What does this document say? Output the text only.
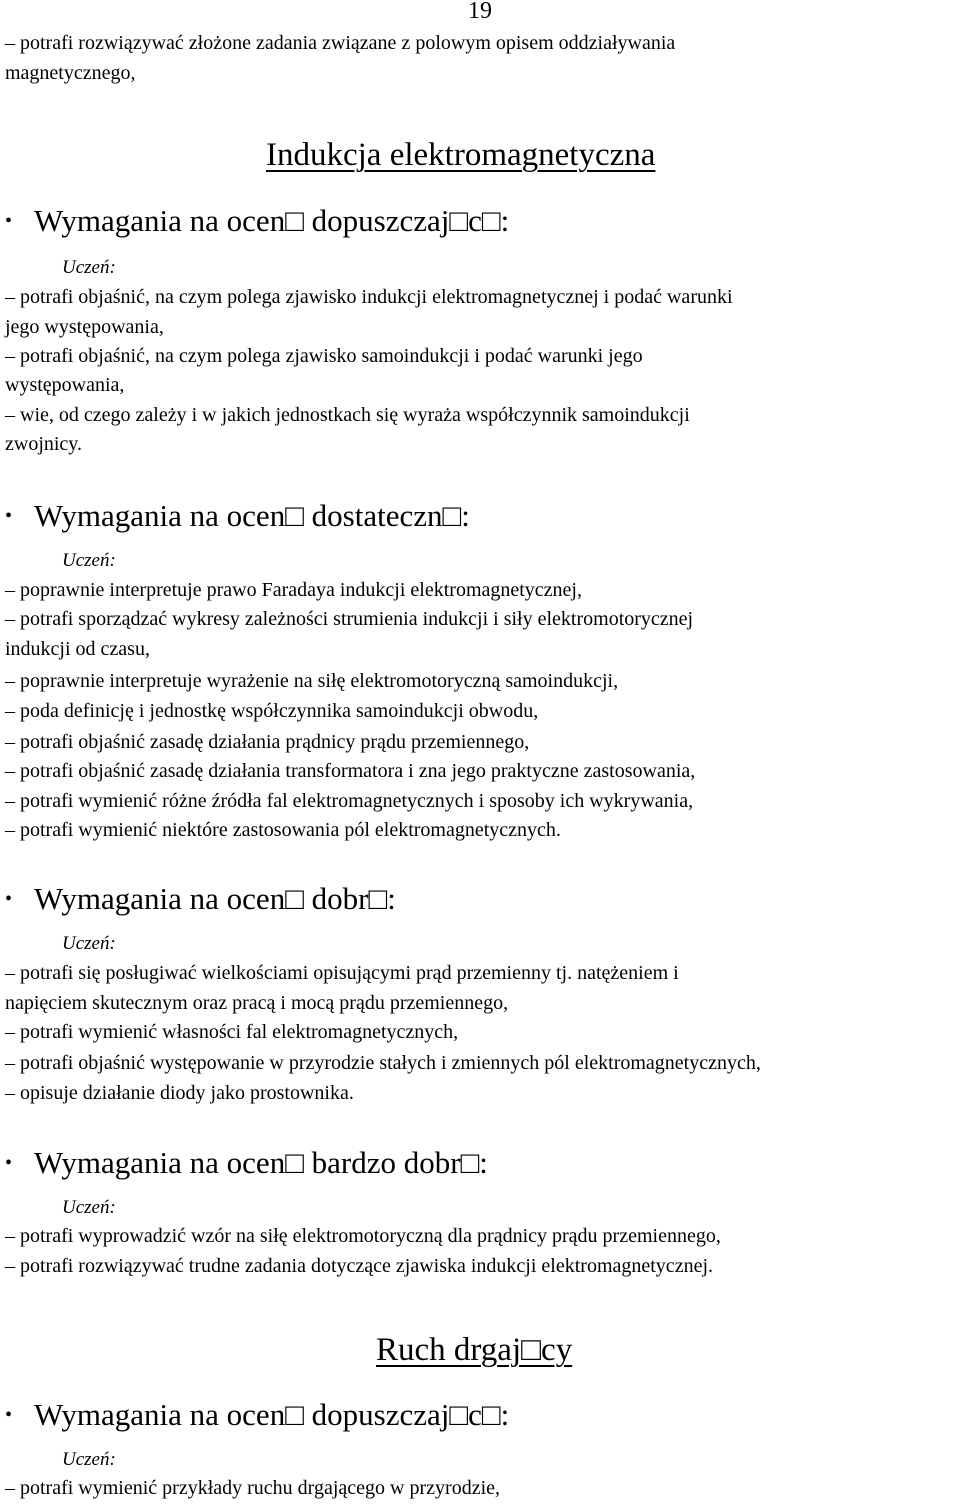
19
– potrafi rozwiązywać złożone zadania związane z polowym opisem oddziaływania
magnetycznego,
Indukcja elektromagnetyczna
• Wymagania na ocen□ dopuszczaj□c□:
Uczeń:
– potrafi objaśnić, na czym polega zjawisko indukcji elektromagnetycznej i podać warunki
jego występowania,
– potrafi objaśnić, na czym polega zjawisko samoindukcji i podać warunki jego
występowania,
– wie, od czego zależy i w jakich jednostkach się wyraża współczynnik samoindukcji
zwojnicy.
• Wymagania na ocen□ dostateczn□:
Uczeń:
– poprawnie interpretuje prawo Faradaya indukcji elektromagnetycznej,
– potrafi sporządzać wykresy zależności strumienia indukcji i siły elektromotorycznej
indukcji od czasu,
– poprawnie interpretuje wyrażenie na siłę elektromotoryczną samoindukcji,
– poda definicję i jednostkę współczynnika samoindukcji obwodu,
– potrafi objaśnić zasadę działania prądnicy prądu przemiennego,
– potrafi objaśnić zasadę działania transformatora i zna jego praktyczne zastosowania,
– potrafi wymienić różne źródła fal elektromagnetycznych i sposoby ich wykrywania,
– potrafi wymienić niektóre zastosowania pól elektromagnetycznych.
• Wymagania na ocen□ dobr□:
Uczeń:
– potrafi się posługiwać wielkościami opisującymi prąd przemienny tj. natężeniem i
napięciem skutecznym oraz pracą i mocą prądu przemiennego,
– potrafi wymienić własności fal elektromagnetycznych,
– potrafi objaśnić występowanie w przyrodzie stałych i zmiennych pól elektromagnetycznych,
– opisuje działanie diody jako prostownika.
• Wymagania na ocen□ bardzo dobr□:
Uczeń:
– potrafi wyprowadzić wzór na siłę elektromotoryczną dla prądnicy prądu przemiennego,
– potrafi rozwiązywać trudne zadania dotyczące zjawiska indukcji elektromagnetycznej.
Ruch drgaj□cy
• Wymagania na ocen□ dopuszczaj□c□:
Uczeń:
– potrafi wymienić przykłady ruchu drgającego w przyrodzie,
